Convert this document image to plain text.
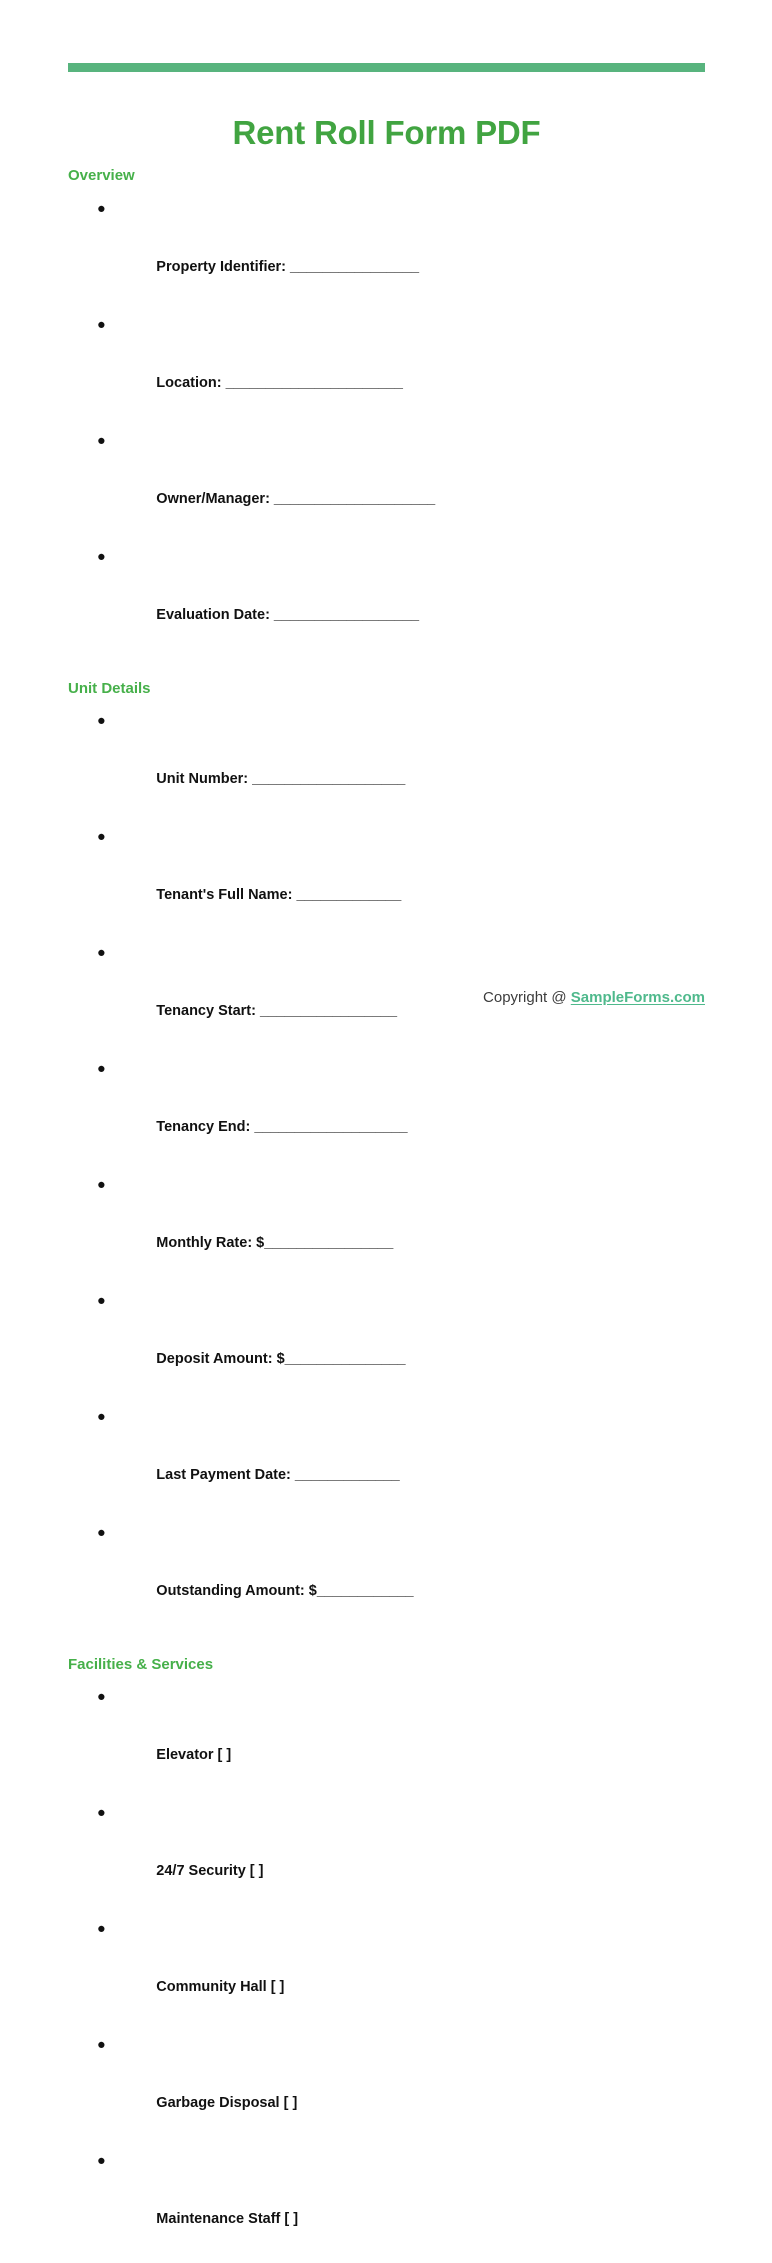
Rent Roll Form PDF
Overview

●

Property Identifier: ________________

●

Location: ______________________

●

Owner/Manager: ____________________

●

Evaluation Date: __________________

Unit Details

●

Unit Number: ___________________

●

Tenant's Full Name: _____________

●

Tenancy Start: _________________

●

Tenancy End: ___________________

●

Monthly Rate: $________________

●

Deposit Amount: $_______________

●

Last Payment Date: _____________

●

Outstanding Amount: $____________

Facilities & Services

●

Elevator [ ]

●

24/7 Security [ ]

●

Community Hall [ ]

●

Garbage Disposal [ ]

●

Maintenance Staff [ ]

Copyright @ SampleForms.com
